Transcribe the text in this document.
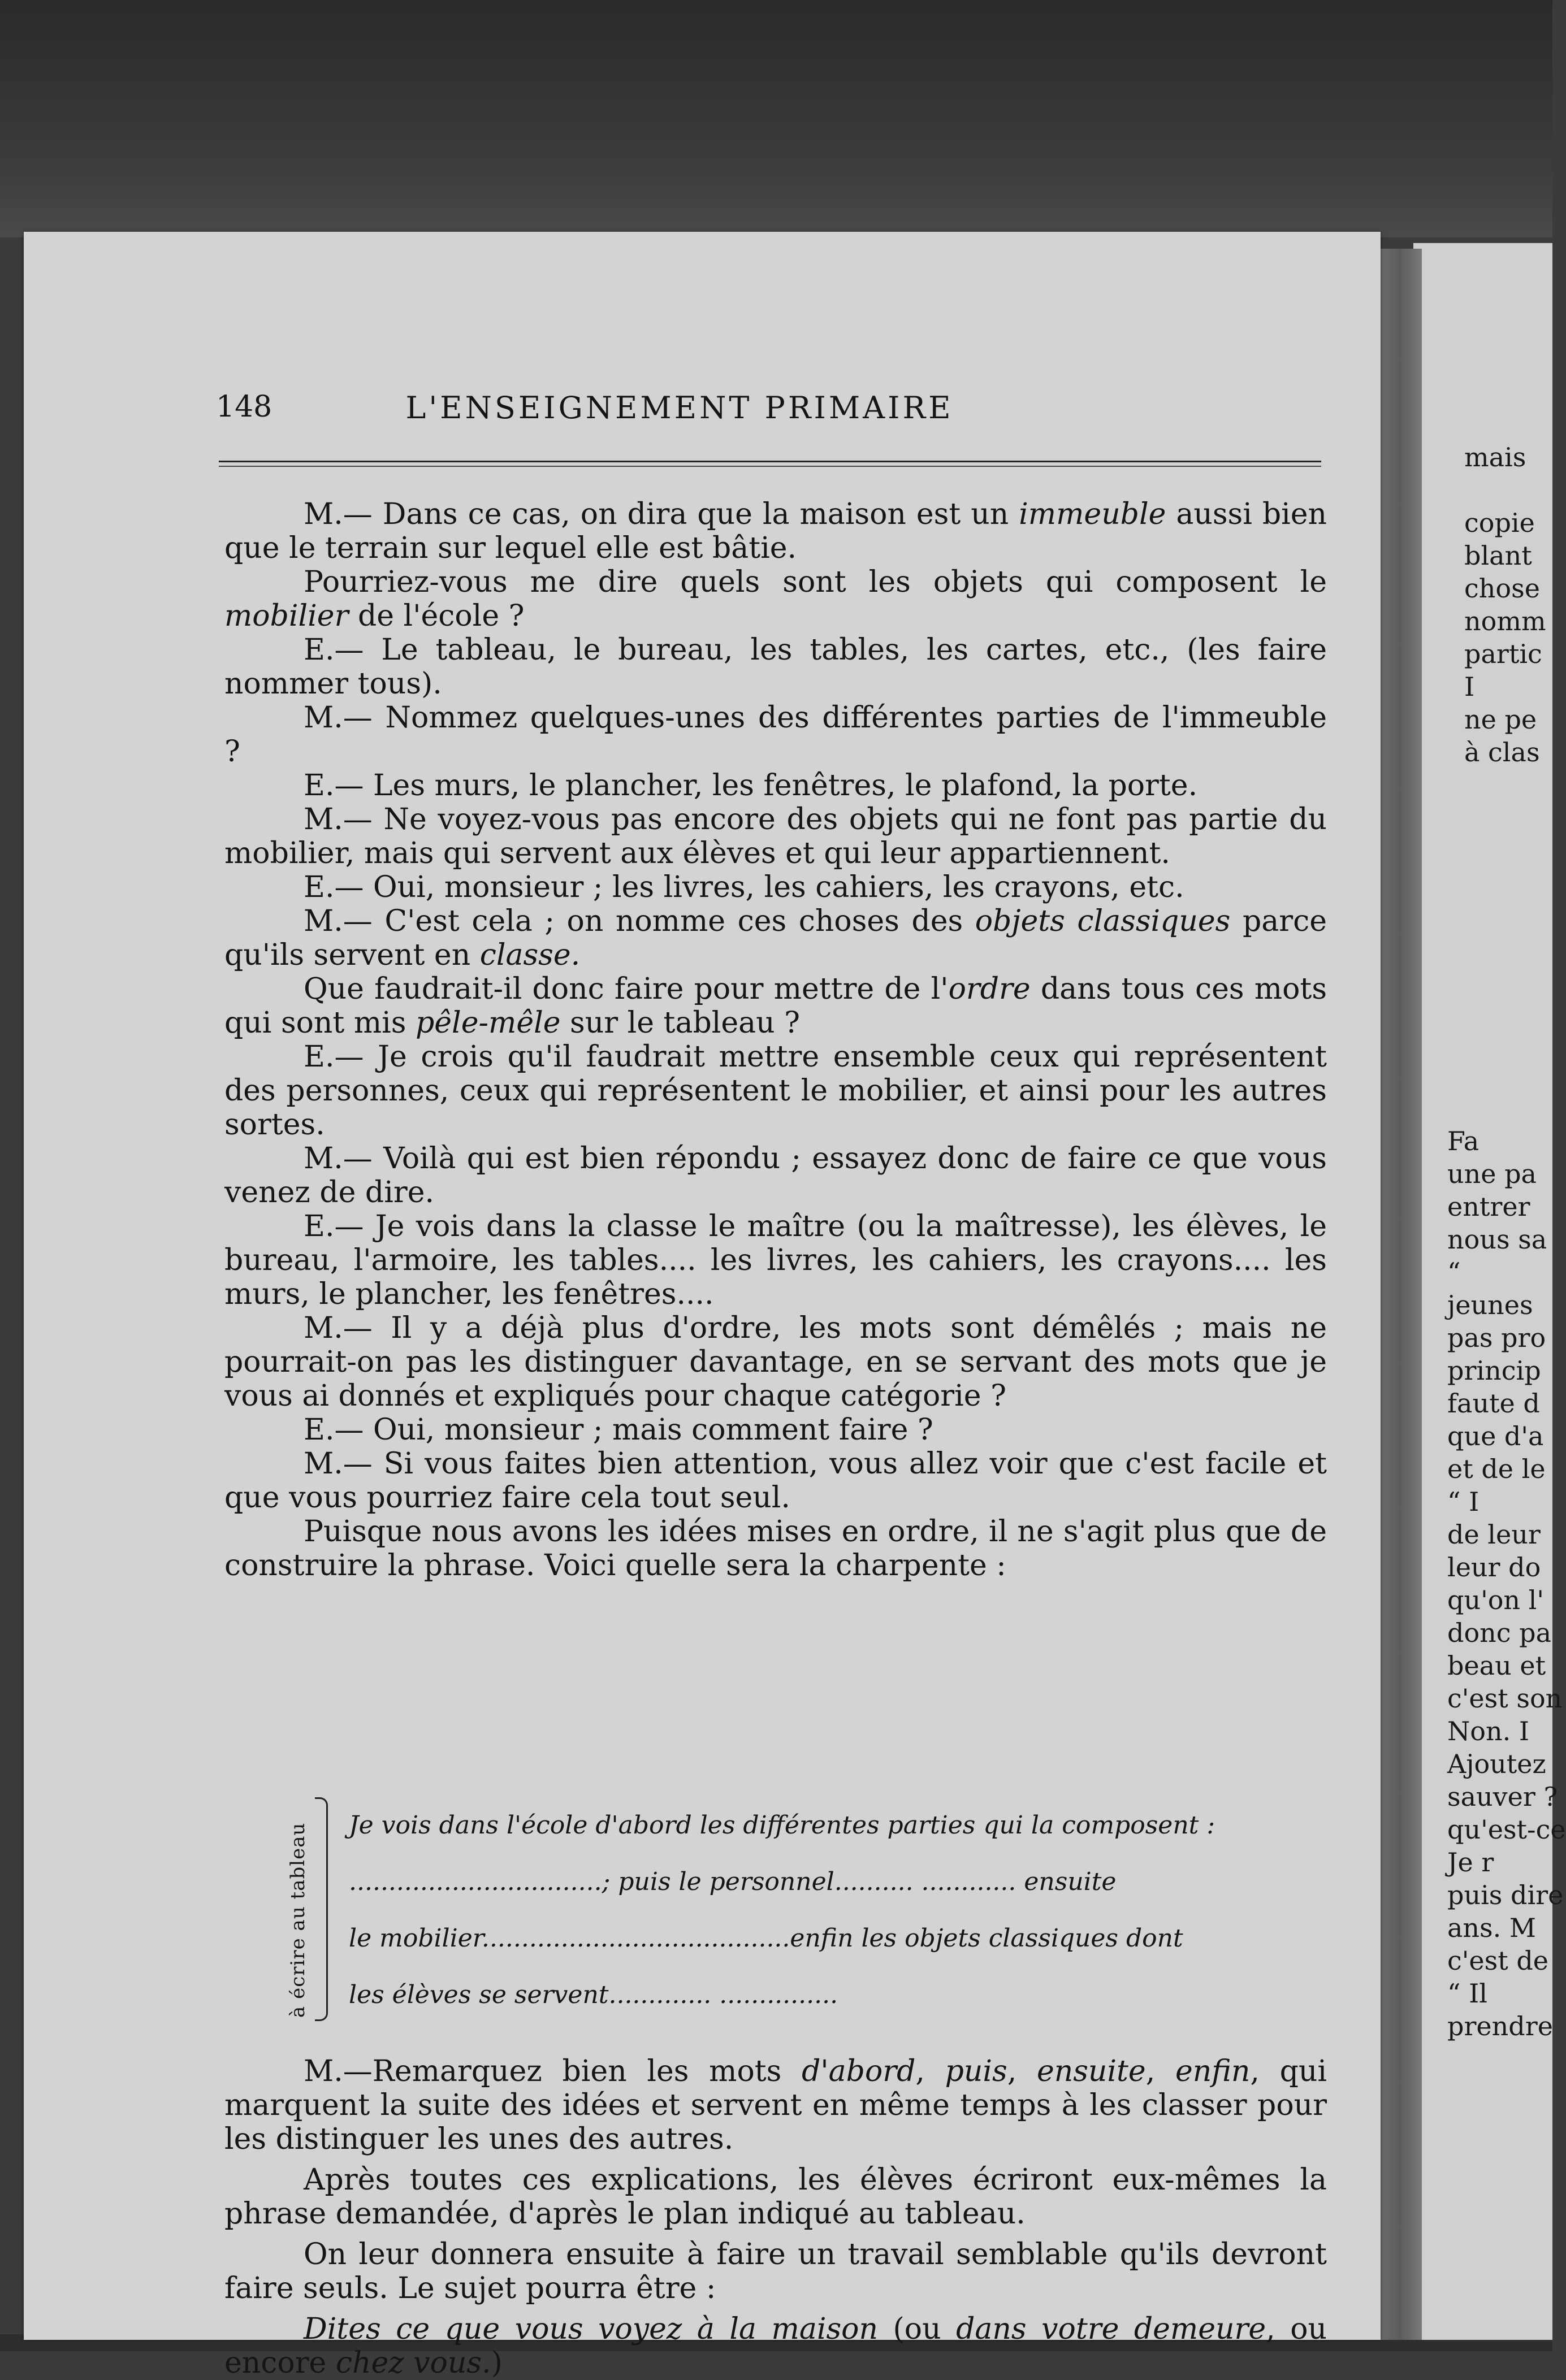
mais

copie
blant
chose
nomm
partic
I
ne pe
à clas
Fa
une pa
entrer
nous sa
“
jeunes
pas pro
princip
faute d
que d'a
et de le
“ I
de leur
leur do
qu'on l'
donc pa
beau et
c'est son
Non. I
Ajoutez
sauver ?
qu'est-ce
Je r
puis dire
ans. M
c'est de
“ Il
prendre
148	L'ENSEIGNEMENT PRIMAIRE

M.— Dans ce cas, on dira que la maison est un immeuble aussi bien que le terrain sur lequel elle est bâtie.

Pourriez-vous me dire quels sont les objets qui composent le mobilier de l'école ?

E.— Le tableau, le bureau, les tables, les cartes, etc., (les faire nommer tous).

M.— Nommez quelques-unes des différentes parties de l'immeuble ?

E.— Les murs, le plancher, les fenêtres, le plafond, la porte.

M.— Ne voyez-vous pas encore des objets qui ne font pas partie du mobilier, mais qui servent aux élèves et qui leur appartiennent.

E.— Oui, monsieur ; les livres, les cahiers, les crayons, etc.

M.— C'est cela ; on nomme ces choses des objets classiques parce qu'ils servent en classe.

Que faudrait-il donc faire pour mettre de l'ordre dans tous ces mots qui sont mis pêle-mêle sur le tableau ?

E.— Je crois qu'il faudrait mettre ensemble ceux qui représentent des personnes, ceux qui représentent le mobilier, et ainsi pour les autres sortes.

M.— Voilà qui est bien répondu ; essayez donc de faire ce que vous venez de dire.

E.— Je vois dans la classe le maître (ou la maîtresse), les élèves, le bureau, l'armoire, les tables.... les livres, les cahiers, les crayons.... les murs, le plancher, les fenêtres....

M.— Il y a déjà plus d'ordre, les mots sont démêlés ; mais ne pourrait-on pas les distinguer davantage, en se servant des mots que je vous ai donnés et expliqués pour chaque catégorie ?

E.— Oui, monsieur ; mais comment faire ?

M.— Si vous faites bien attention, vous allez voir que c'est facile et que vous pourriez faire cela tout seul.

Puisque nous avons les idées mises en ordre, il ne s'agit plus que de construire la phrase. Voici quelle sera la charpente :

à écrire au tableau Je vois dans l'école d'abord les différentes parties qui la composent :
................................; puis le personnel.......... ............ ensuite
le mobilier.......................................enfin les objets classiques dont
les élèves se servent............. ...............

M.—Remarquez bien les mots d'abord, puis, ensuite, enfin, qui marquent la suite des idées et servent en même temps à les classer pour les distinguer les unes des autres.

Après toutes ces explications, les élèves écriront eux-mêmes la phrase demandée, d'après le plan indiqué au tableau.

On leur donnera ensuite à faire un travail semblable qu'ils devront faire seuls. Le sujet pourra être :

Dites ce que vous voyez à la maison (ou dans votre demeure, ou encore chez vous.)
